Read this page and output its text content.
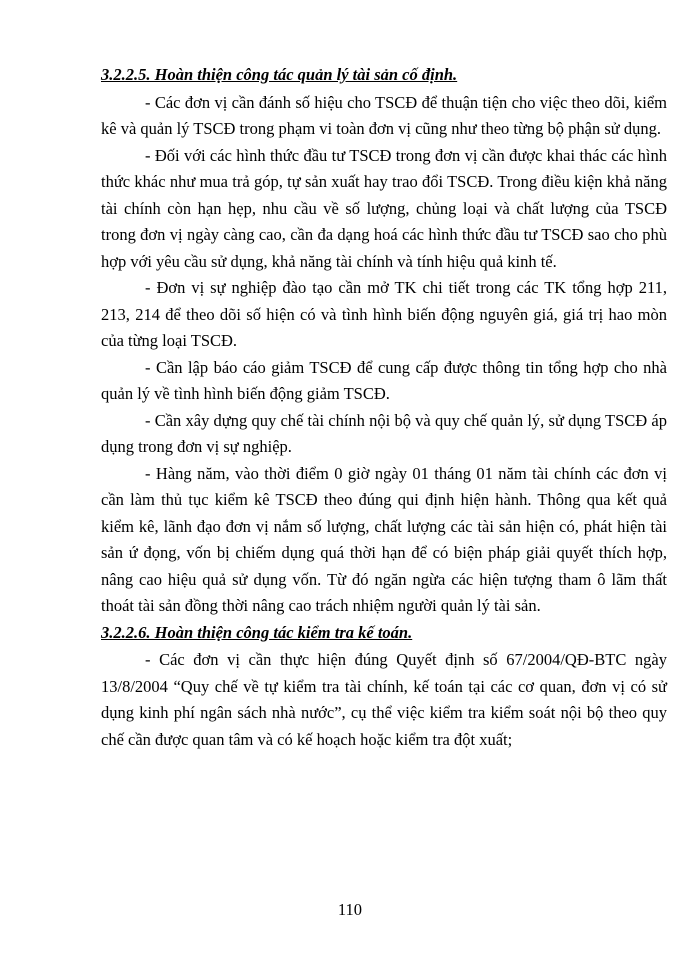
3.2.2.5. Hoàn thiện công tác quản lý tài sản cố định.

- Các đơn vị cần đánh số hiệu cho TSCĐ để thuận tiện cho việc theo dõi, kiểm kê và quản lý TSCĐ trong phạm vi toàn đơn vị cũng như theo từng bộ phận sử dụng.

- Đối với các hình thức đầu tư TSCĐ trong đơn vị cần được khai thác các hình thức khác như mua trả góp, tự sản xuất hay trao đổi TSCĐ. Trong điều kiện khả năng tài chính còn hạn hẹp, nhu cầu về số lượng, chủng loại và chất lượng của TSCĐ trong đơn vị ngày càng cao, cần đa dạng hoá các hình thức đầu tư TSCĐ sao cho phù hợp với yêu cầu sử dụng, khả năng tài chính và tính hiệu quả kinh tế.

- Đơn vị sự nghiệp đào tạo cần mở TK chi tiết trong các TK tổng hợp 211, 213, 214 để theo dõi số hiện có và tình hình biến động nguyên giá, giá trị hao mòn của từng loại TSCĐ.

- Cần lập báo cáo giảm TSCĐ để cung cấp được thông tin tổng hợp cho nhà quản lý về tình hình biến động giảm TSCĐ.

- Cần xây dựng quy chế tài chính nội bộ và quy chế quản lý, sử dụng TSCĐ áp dụng trong đơn vị sự nghiệp.

- Hàng năm, vào thời điểm 0 giờ ngày 01 tháng 01 năm tài chính các đơn vị cần làm thủ tục kiểm kê TSCĐ theo đúng qui định hiện hành. Thông qua kết quả kiểm kê, lãnh đạo đơn vị nắm số lượng, chất lượng các tài sản hiện có, phát hiện tài sản ứ đọng, vốn bị chiếm dụng quá thời hạn để có biện pháp giải quyết thích hợp, nâng cao hiệu quả sử dụng vốn. Từ đó ngăn ngừa các hiện tượng tham ô lãm thất thoát tài sản đồng thời nâng cao trách nhiệm người quản lý tài sản.

3.2.2.6. Hoàn thiện công tác kiểm tra kế toán.

- Các đơn vị cần thực hiện đúng Quyết định số 67/2004/QĐ-BTC ngày 13/8/2004 “Quy chế về tự kiểm tra tài chính, kế toán tại các cơ quan, đơn vị có sử dụng kinh phí ngân sách nhà nước”, cụ thể việc kiểm tra kiểm soát nội bộ theo quy chế cần được quan tâm và có kế hoạch hoặc kiểm tra đột xuất;

110
